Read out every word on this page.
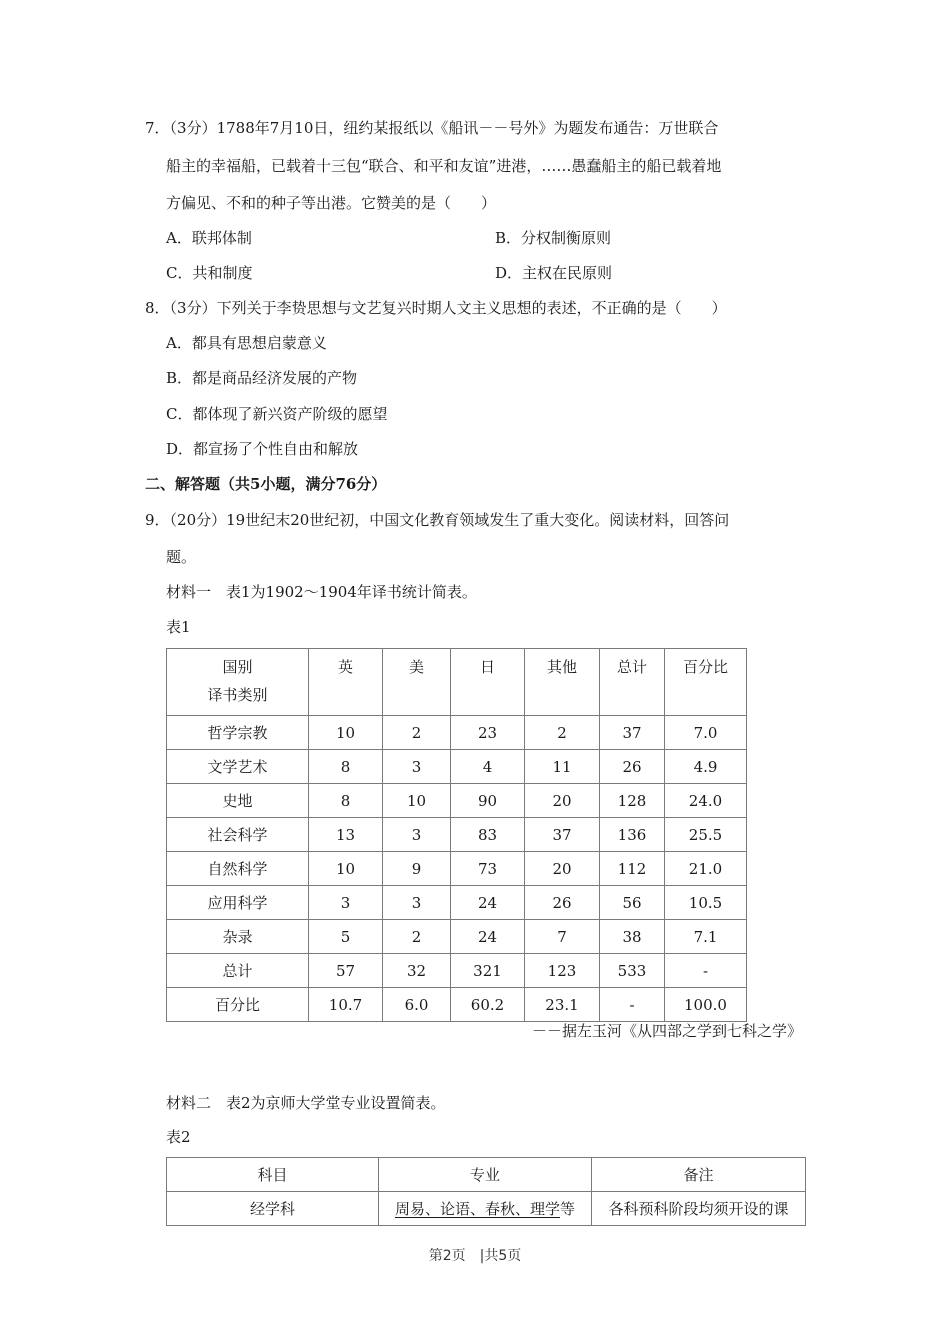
7．（3分）1788年7月10日，纽约某报纸以《船讯－－号外》为题发布通告：万世联合
船主的幸福船，已载着十三包“联合、和平和友谊”进港，……愚蠢船主的船已载着地
方偏见、不和的种子等出港。它赞美的是（　　）
A．联邦体制	B．分权制衡原则
C．共和制度	D．主权在民原则
8．（3分）下列关于李贽思想与文艺复兴时期人文主义思想的表述，不正确的是（　　）
A．都具有思想启蒙意义
B．都是商品经济发展的产物
C．都体现了新兴资产阶级的愿望
D．都宣扬了个性自由和解放
二、解答题（共5小题，满分76分）
9．（20分）19世纪末20世纪初，中国文化教育领域发生了重大变化。阅读材料，回答问
题。
材料一　表1为1902～1904年译书统计简表。
表1
国别
译书类别	英	美	日	其他	总计	百分比
哲学宗教	10	2	23	2	37	7.0
文学艺术	8	3	4	11	26	4.9
史地	8	10	90	20	128	24.0
社会科学	13	3	83	37	136	25.5
自然科学	10	9	73	20	112	21.0
应用科学	3	3	24	26	56	10.5
杂录	5	2	24	7	38	7.1
总计	57	32	321	123	533	-
百分比	10.7	6.0	60.2	23.1	-	100.0
－－据左玉河《从四部之学到七科之学》
材料二　表2为京师大学堂专业设置简表。
表2
科目	专业	备注
经学科	周易、论语、春秋、理学等	各科预科阶段均须开设的课
第2页　|共5页
